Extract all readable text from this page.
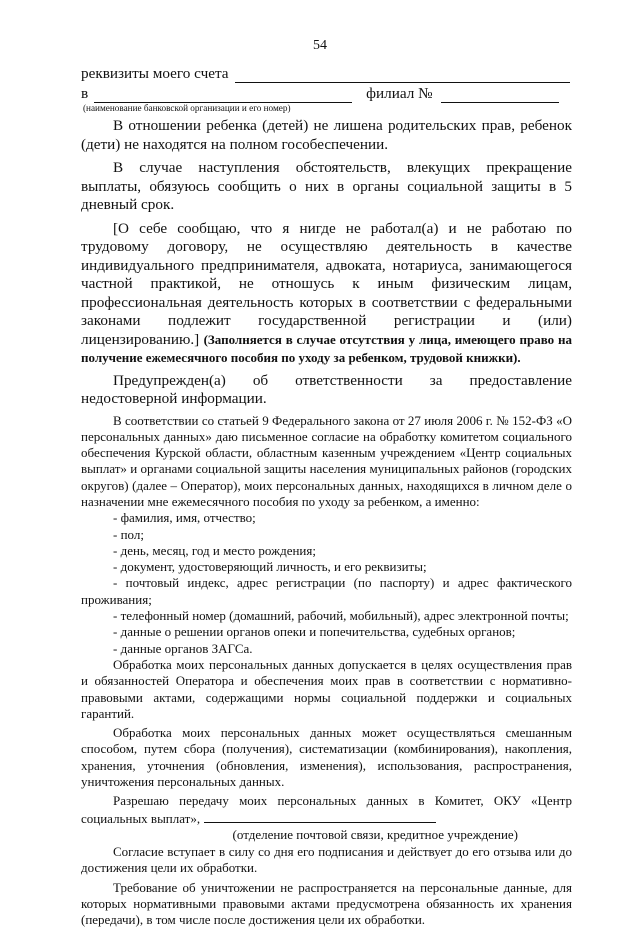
54
реквизиты моего счета
в	филиал №
(наименование банковской организации и его номер)

В отношении ребенка (детей) не лишена родительских прав, ребенок (дети) не находятся на полном гособеспечении.

В случае наступления обстоятельств, влекущих прекращение выплаты, обязуюсь сообщить о них в органы социальной защиты в 5 дневный срок.

[О себе сообщаю, что я нигде не работал(а) и не работаю по трудовому договору, не осуществляю деятельность в качестве индивидуального предпринимателя, адвоката, нотариуса, занимающегося частной практикой, не отношусь к иным физическим лицам, профессиональная деятельность которых в соответствии с федеральными законами подлежит государственной регистрации и (или) лицензированию.] (Заполняется в случае отсутствия у лица, имеющего право на получение ежемесячного пособия по уходу за ребенком, трудовой книжки).

Предупрежден(а) об ответственности за предоставление недостоверной информации.

В соответствии со статьей 9 Федерального закона от 27 июля 2006 г. № 152-ФЗ «О персональных данных» даю письменное согласие на обработку комитетом социального обеспечения Курской области, областным казенным учреждением «Центр социальных выплат» и органами социальной защиты населения муниципальных районов (городских округов) (далее – Оператор), моих персональных данных, находящихся в личном деле о назначении мне ежемесячного пособия по уходу за ребенком, а именно:

- фамилия, имя, отчество;
- пол;
- день, месяц, год и место рождения;
- документ, удостоверяющий личность, и его реквизиты;

- почтовый индекс, адрес регистрации (по паспорту) и адрес фактического проживания;

- телефонный номер (домашний, рабочий, мобильный), адрес электронной почты;

- данные о решении органов опеки и попечительства, судебных органов;
- данные органов ЗАГСа.

Обработка моих персональных данных допускается в целях осуществления прав и обязанностей Оператора и обеспечения моих прав в соответствии с нормативно-правовыми актами, содержащими нормы социальной поддержки и социальных гарантий.

Обработка моих персональных данных может осуществляться смешанным способом, путем сбора (получения), систематизации (комбинирования), накопления, хранения, уточнения (обновления, изменения), использования, распространения, уничтожения персональных данных.

Разрешаю передачу моих персональных данных в Комитет, ОКУ «Центр социальных выплат»,

(отделение почтовой связи, кредитное учреждение)

Согласие вступает в силу со дня его подписания и действует до его отзыва или до достижения цели их обработки.

Требование об уничтожении не распространяется на персональные данные, для которых нормативными правовыми актами предусмотрена обязанность их хранения (передачи), в том числе после достижения цели их обработки.
